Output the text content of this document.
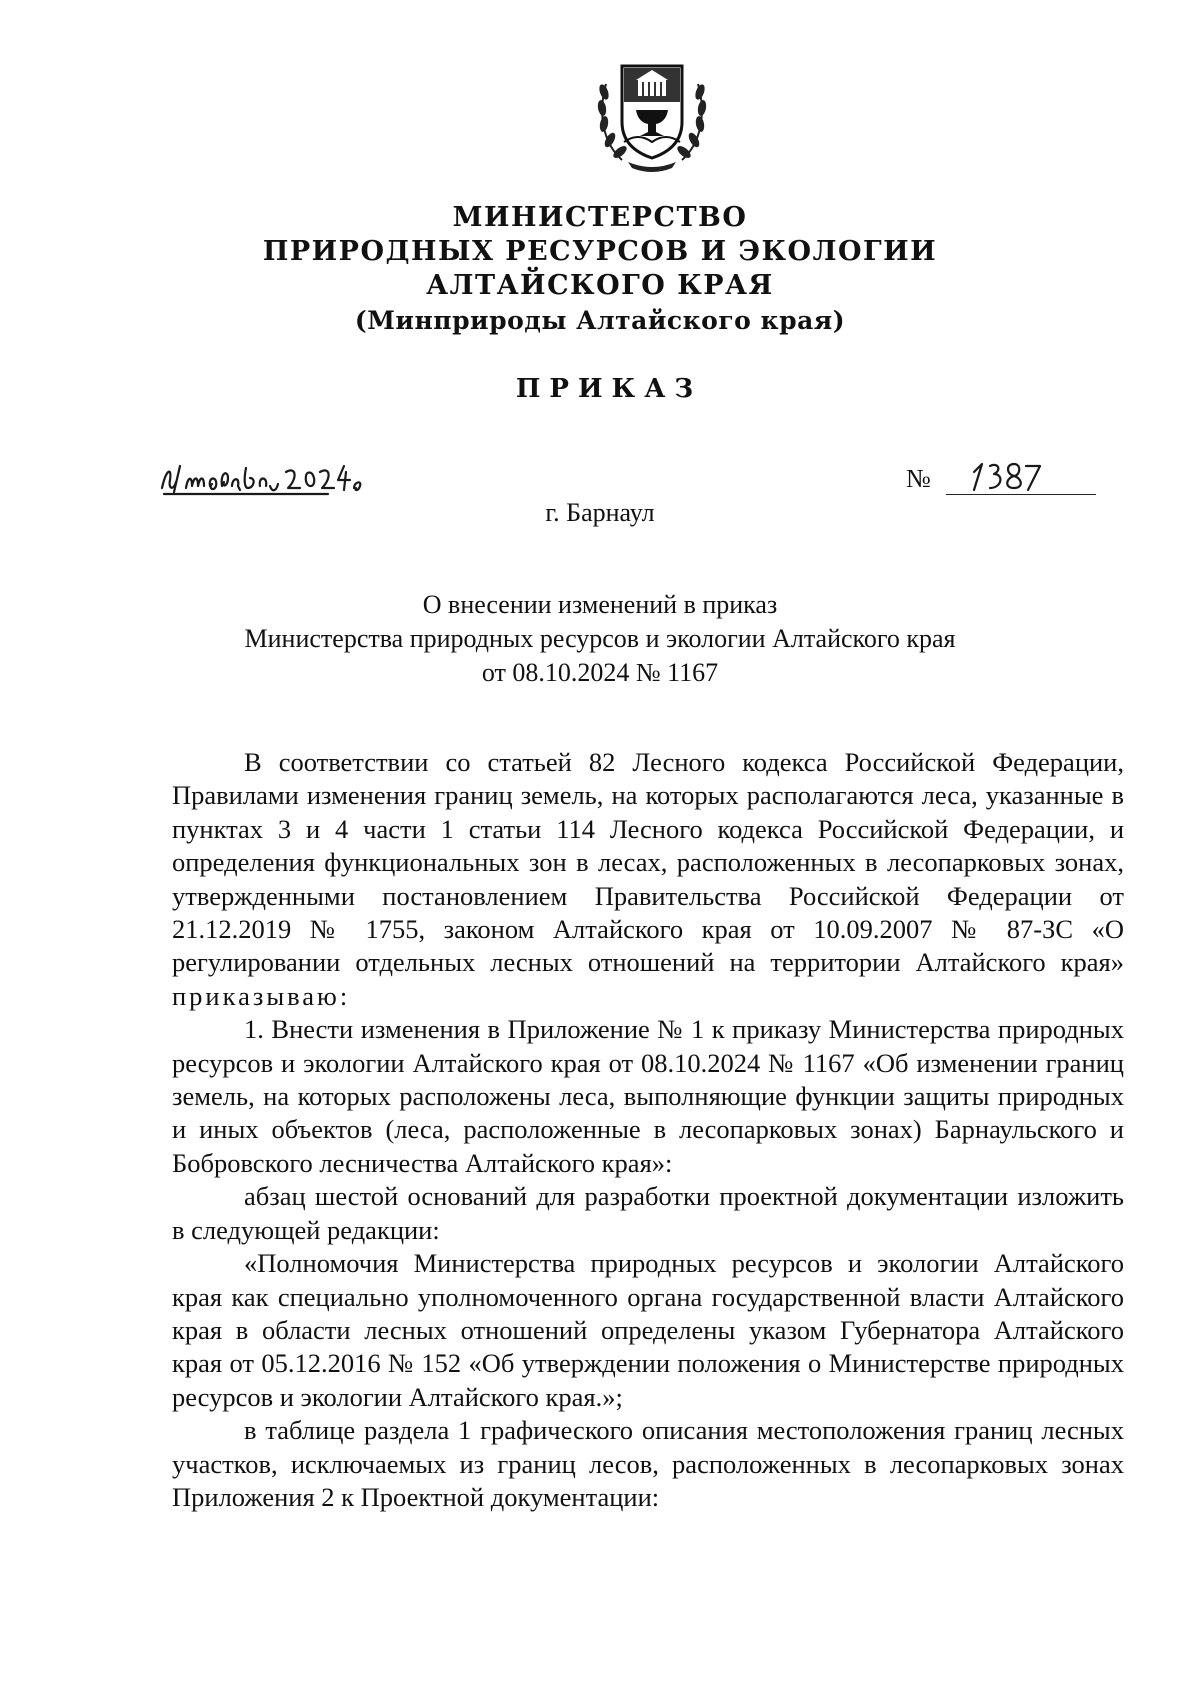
МИНИСТЕРСТВО
ПРИРОДНЫХ РЕСУРСОВ И ЭКОЛОГИИ
АЛТАЙСКОГО КРАЯ
(Минприроды Алтайского края)
ПРИКАЗ
№
г. Барнаул
О внесении изменений в приказ
Министерства природных ресурсов и экологии Алтайского края
от 08.10.2024 № 1167

В соответствии со статьей 82 Лесного кодекса Российской Федерации, Правилами изменения границ земель, на которых располагаются леса, указанные в пунктах 3 и 4 части 1 статьи 114 Лесного кодекса Российской Федерации, и определения функциональных зон в лесах, расположенных в лесопарковых зонах, утвержденными постановлением Правительства Российской Федерации от 21.12.2019 № 1755, законом Алтайского края от 10.09.2007 № 87-ЗС «О регулировании отдельных лесных отношений на территории Алтайского края» приказываю:

1. Внести изменения в Приложение № 1 к приказу Министерства природных ресурсов и экологии Алтайского края от 08.10.2024 № 1167 «Об изменении границ земель, на которых расположены леса, выполняющие функции защиты природных и иных объектов (леса, расположенные в лесопарковых зонах) Барнаульского и Бобровского лесничества Алтайского края»:

абзац шестой оснований для разработки проектной документации изложить в следующей редакции:

«Полномочия Министерства природных ресурсов и экологии Алтайского края как специально уполномоченного органа государственной власти Алтайского края в области лесных отношений определены указом Губернатора Алтайского края от 05.12.2016 № 152 «Об утверждении положения о Министерстве природных ресурсов и экологии Алтайского края.»;

в таблице раздела 1 графического описания местоположения границ лесных участков, исключаемых из границ лесов, расположенных в лесопарковых зонах Приложения 2 к Проектной документации:
